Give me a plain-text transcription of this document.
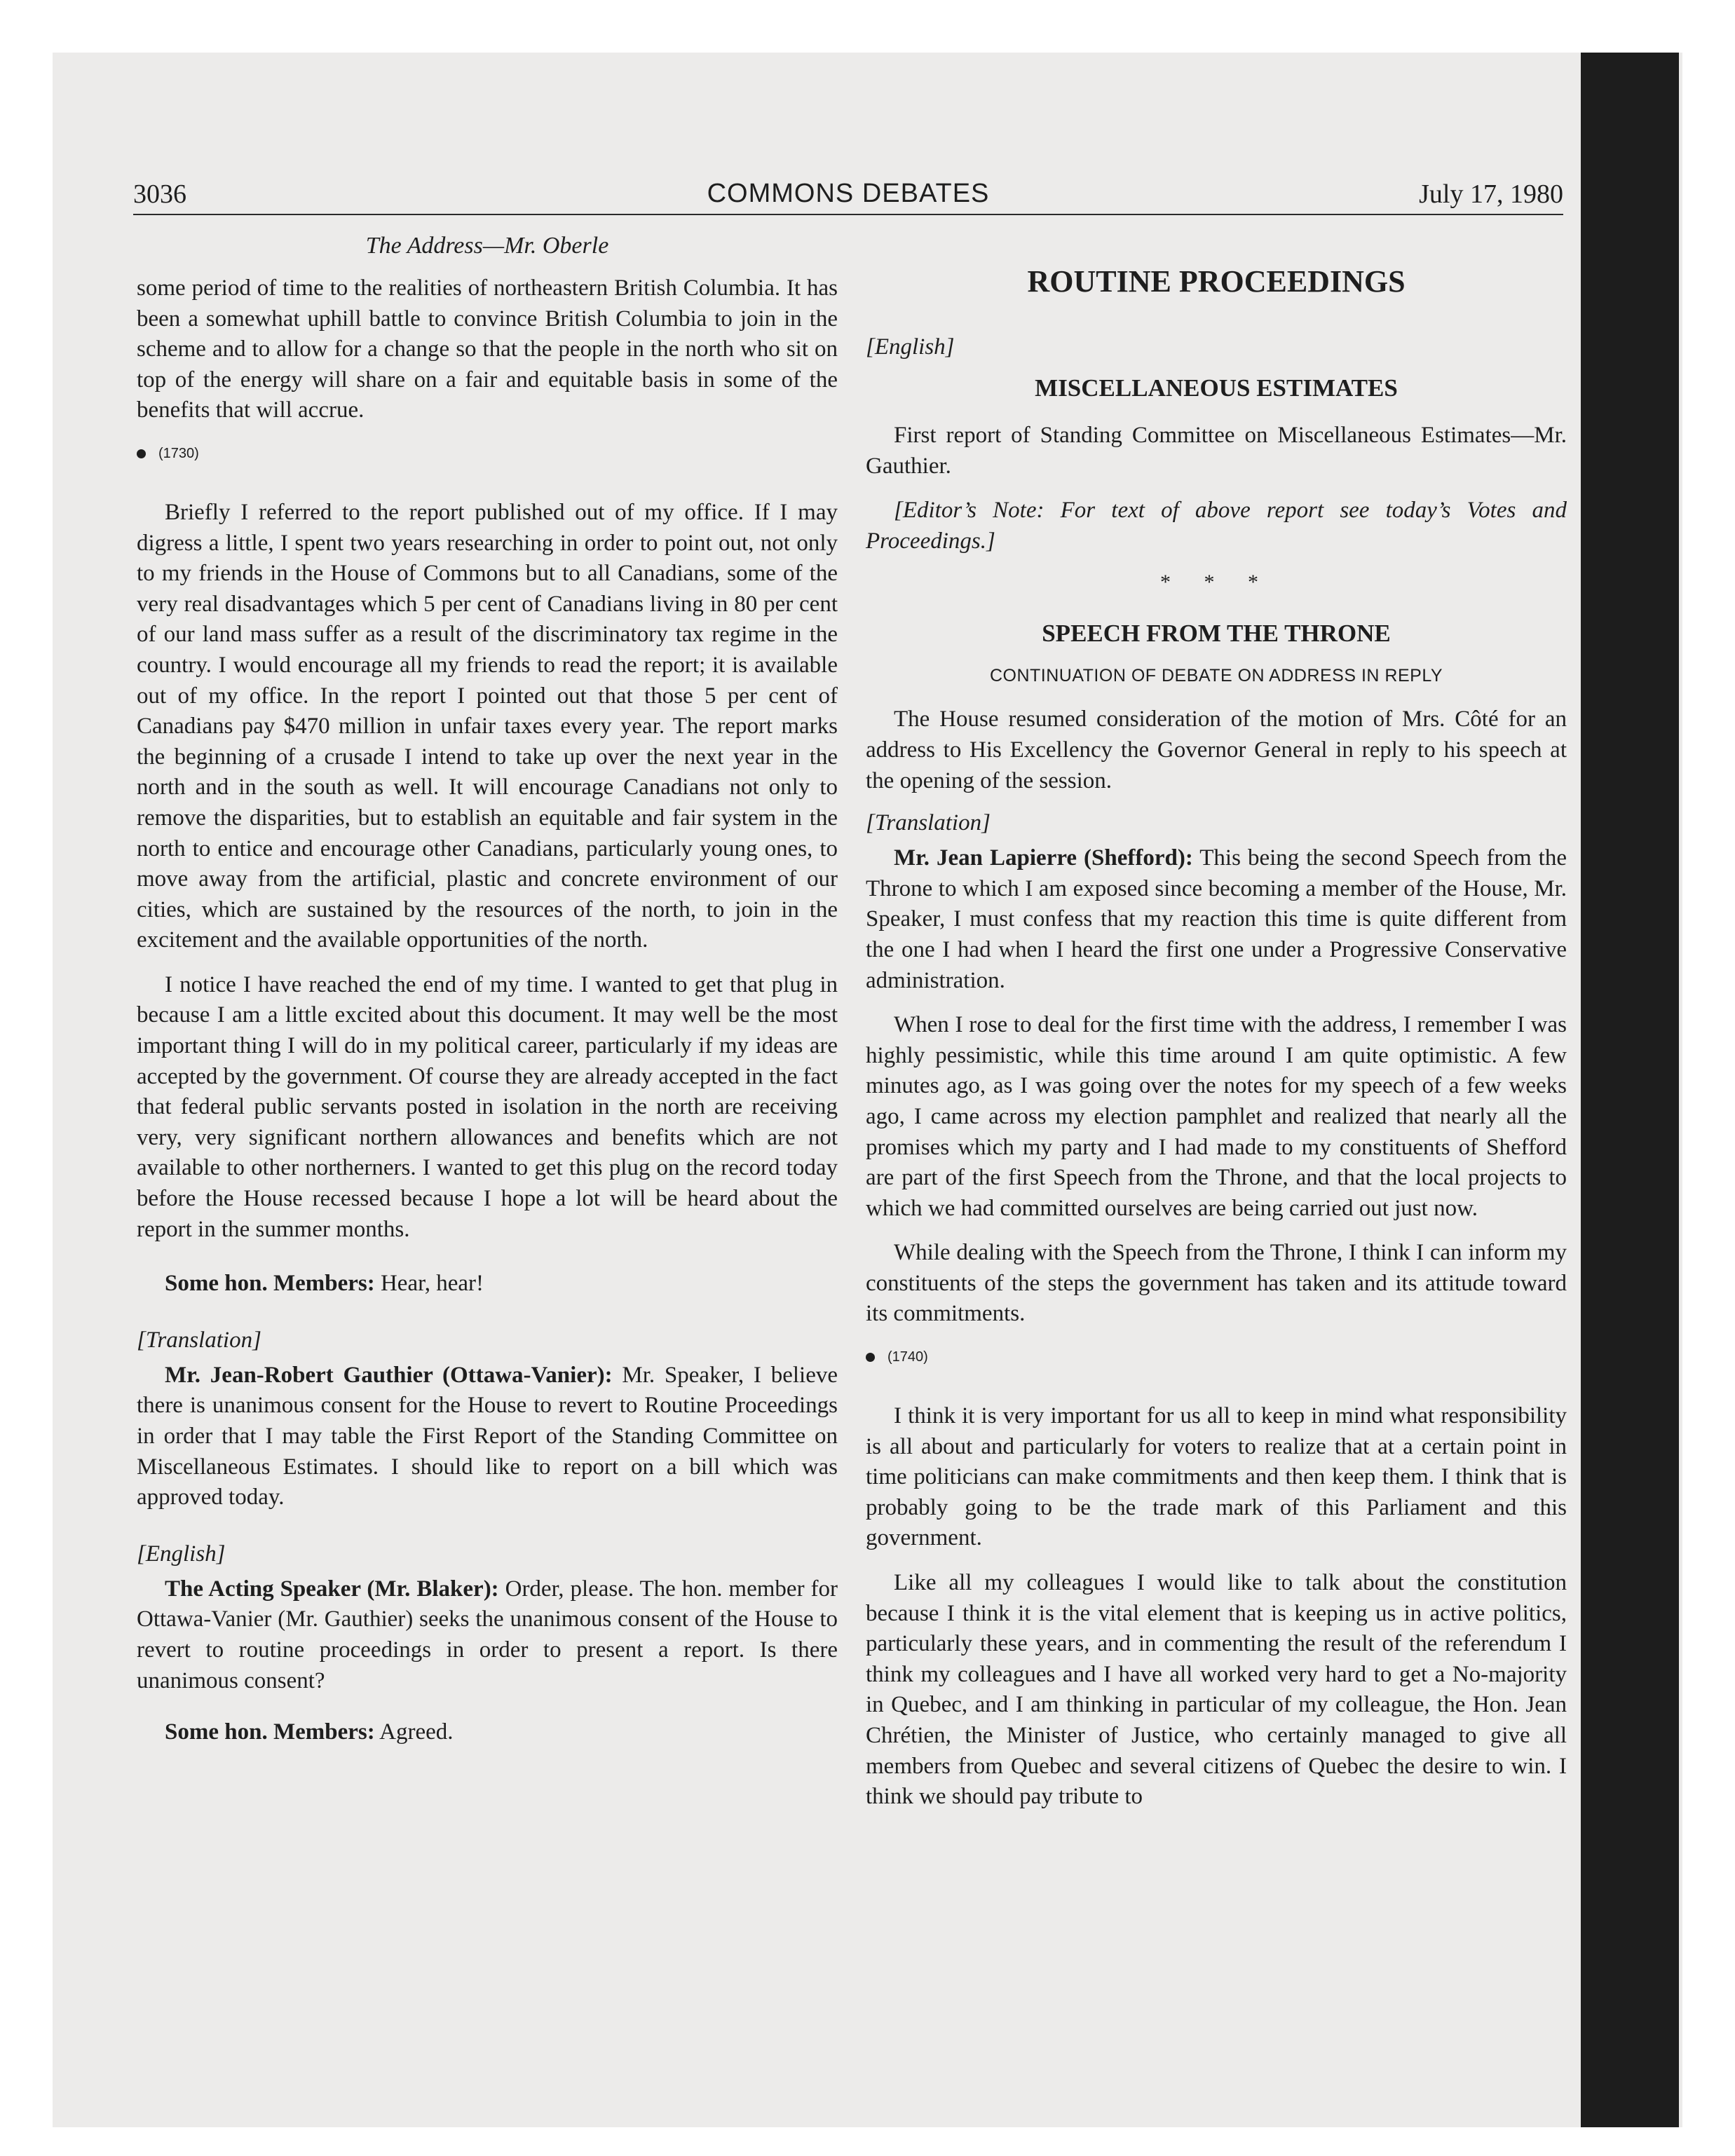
3036	COMMONS DEBATES	July 17, 1980
The Address—Mr. Oberle

some period of time to the realities of northeastern British Columbia. It has been a somewhat uphill battle to convince British Columbia to join in the scheme and to allow for a change so that the people in the north who sit on top of the energy will share on a fair and equitable basis in some of the benefits that will accrue.

(1730)

Briefly I referred to the report published out of my office. If I may digress a little, I spent two years researching in order to point out, not only to my friends in the House of Commons but to all Canadians, some of the very real disadvantages which 5 per cent of Canadians living in 80 per cent of our land mass suffer as a result of the discriminatory tax regime in the country. I would encourage all my friends to read the report; it is available out of my office. In the report I pointed out that those 5 per cent of Canadians pay $470 million in unfair taxes every year. The report marks the beginning of a crusade I intend to take up over the next year in the north and in the south as well. It will encourage Canadians not only to remove the disparities, but to establish an equitable and fair system in the north to entice and encourage other Canadians, particularly young ones, to move away from the artificial, plastic and concrete environment of our cities, which are sustained by the resources of the north, to join in the excitement and the available opportunities of the north.

I notice I have reached the end of my time. I wanted to get that plug in because I am a little excited about this document. It may well be the most important thing I will do in my political career, particularly if my ideas are accepted by the government. Of course they are already accepted in the fact that federal public servants posted in isolation in the north are receiving very, very significant northern allowances and benefits which are not available to other northerners. I wanted to get this plug on the record today before the House recessed because I hope a lot will be heard about the report in the summer months.

Some hon. Members: Hear, hear!

[Translation]

Mr. Jean-Robert Gauthier (Ottawa-Vanier): Mr. Speaker, I believe there is unanimous consent for the House to revert to Routine Proceedings in order that I may table the First Report of the Standing Committee on Miscellaneous Estimates. I should like to report on a bill which was approved today.

[English]

The Acting Speaker (Mr. Blaker): Order, please. The hon. member for Ottawa-Vanier (Mr. Gauthier) seeks the unanimous consent of the House to revert to routine proceedings in order to present a report. Is there unanimous consent?

Some hon. Members: Agreed.

ROUTINE PROCEEDINGS
[English]
MISCELLANEOUS ESTIMATES

First report of Standing Committee on Miscellaneous Estimates—Mr. Gauthier.

[Editor’s Note: For text of above report see today’s Votes and Proceedings.]

* * *
SPEECH FROM THE THRONE
CONTINUATION OF DEBATE ON ADDRESS IN REPLY

The House resumed consideration of the motion of Mrs. Côté for an address to His Excellency the Governor General in reply to his speech at the opening of the session.

[Translation]

Mr. Jean Lapierre (Shefford): This being the second Speech from the Throne to which I am exposed since becoming a member of the House, Mr. Speaker, I must confess that my reaction this time is quite different from the one I had when I heard the first one under a Progressive Conservative administration.

When I rose to deal for the first time with the address, I remember I was highly pessimistic, while this time around I am quite optimistic. A few minutes ago, as I was going over the notes for my speech of a few weeks ago, I came across my election pamphlet and realized that nearly all the promises which my party and I had made to my constituents of Shefford are part of the first Speech from the Throne, and that the local projects to which we had committed ourselves are being carried out just now.

While dealing with the Speech from the Throne, I think I can inform my constituents of the steps the government has taken and its attitude toward its commitments.

(1740)

I think it is very important for us all to keep in mind what responsibility is all about and particularly for voters to realize that at a certain point in time politicians can make commitments and then keep them. I think that is probably going to be the trade mark of this Parliament and this government.

Like all my colleagues I would like to talk about the constitution because I think it is the vital element that is keeping us in active politics, particularly these years, and in commenting the result of the referendum I think my colleagues and I have all worked very hard to get a No-majority in Quebec, and I am thinking in particular of my colleague, the Hon. Jean Chrétien, the Minister of Justice, who certainly managed to give all members from Quebec and several citizens of Quebec the desire to win. I think we should pay tribute to
